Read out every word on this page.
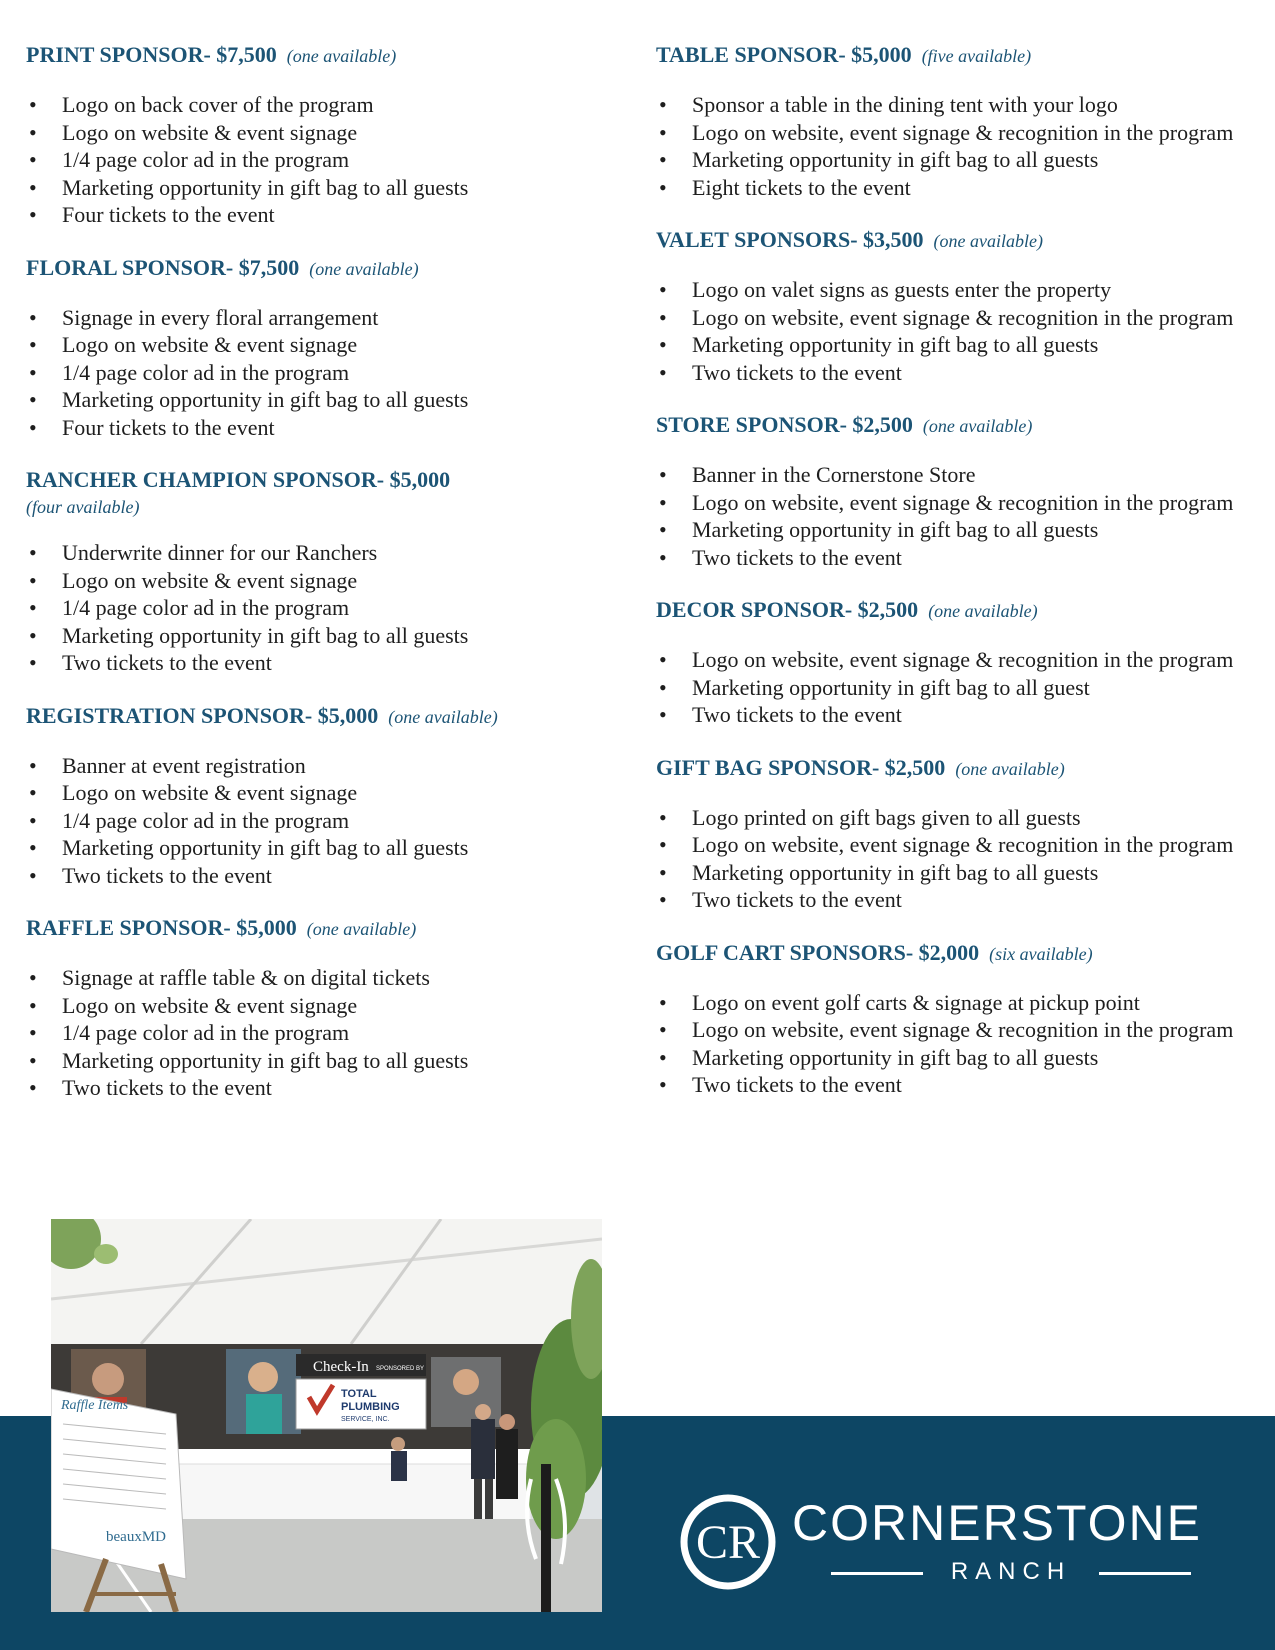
PRINT SPONSOR- $7,500 (one available)
• Logo on back cover of the program
• Logo on website & event signage
• 1/4 page color ad in the program
• Marketing opportunity in gift bag to all guests
• Four tickets to the event
FLORAL SPONSOR- $7,500 (one available)
• Signage in every floral arrangement
• Logo on website & event signage
• 1/4 page color ad in the program
• Marketing opportunity in gift bag to all guests
• Four tickets to the event
RANCHER CHAMPION SPONSOR- $5,000
(four available)
• Underwrite dinner for our Ranchers
• Logo on website & event signage
• 1/4 page color ad in the program
• Marketing opportunity in gift bag to all guests
• Two tickets to the event
REGISTRATION SPONSOR- $5,000 (one available)
• Banner at event registration
• Logo on website & event signage
• 1/4 page color ad in the program
• Marketing opportunity in gift bag to all guests
• Two tickets to the event
RAFFLE SPONSOR- $5,000 (one available)
• Signage at raffle table & on digital tickets
• Logo on website & event signage
• 1/4 page color ad in the program
• Marketing opportunity in gift bag to all guests
• Two tickets to the event
TABLE SPONSOR- $5,000 (five available)
• Sponsor a table in the dining tent with your logo
• Logo on website, event signage & recognition in the program
• Marketing opportunity in gift bag to all guests
• Eight tickets to the event
VALET SPONSORS- $3,500 (one available)
• Logo on valet signs as guests enter the property
• Logo on website, event signage & recognition in the program
• Marketing opportunity in gift bag to all guests
• Two tickets to the event
STORE SPONSOR- $2,500 (one available)
• Banner in the Cornerstone Store
• Logo on website, event signage & recognition in the program
• Marketing opportunity in gift bag to all guests
• Two tickets to the event
DECOR SPONSOR- $2,500 (one available)
• Logo on website, event signage & recognition in the program
• Marketing opportunity in gift bag to all guest
• Two tickets to the event
GIFT BAG SPONSOR- $2,500 (one available)
• Logo printed on gift bags given to all guests
• Logo on website, event signage & recognition in the program
• Marketing opportunity in gift bag to all guests
• Two tickets to the event
GOLF CART SPONSORS- $2,000 (six available)
• Logo on event golf carts & signage at pickup point
• Logo on website, event signage & recognition in the program
• Marketing opportunity in gift bag to all guests
• Two tickets to the event
Check-In SPONSORED BY
TOTAL
PLUMBING
SERVICE, INC.
Raffle Items
beauxMD	CR CORNERSTONE
RANCH
